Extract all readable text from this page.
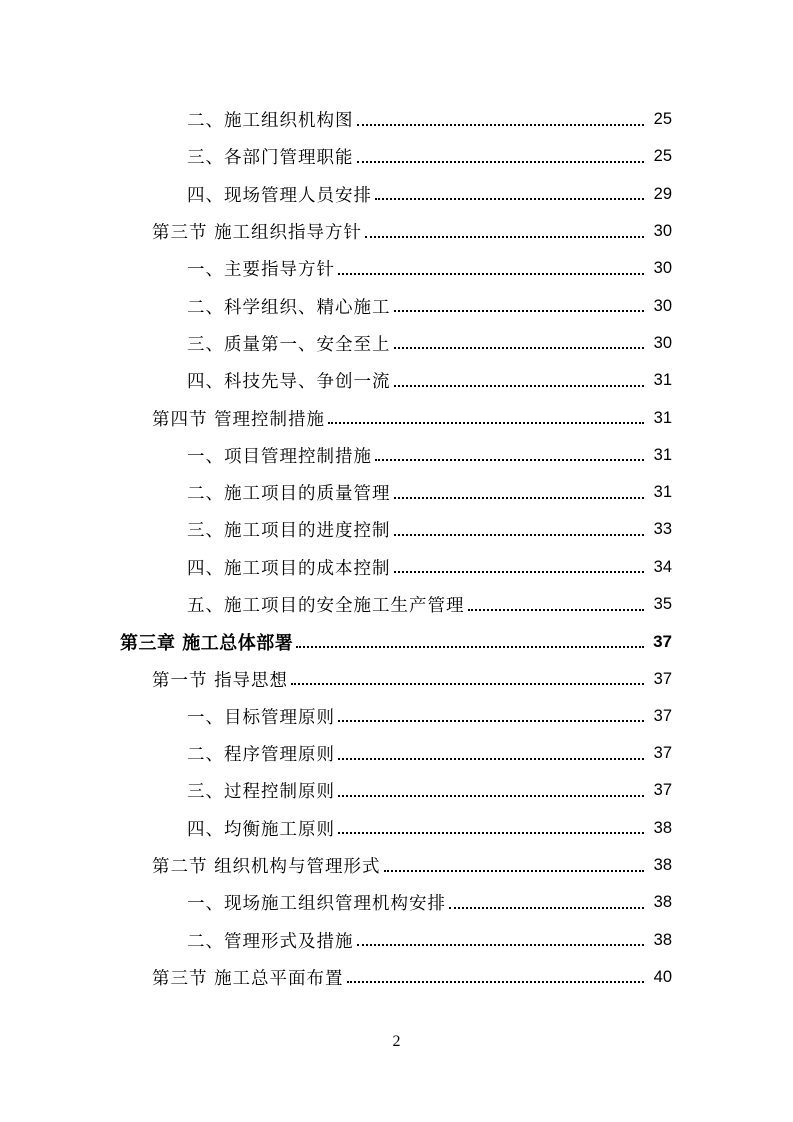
二、施工组织机构图	25
三、各部门管理职能	25
四、现场管理人员安排	29
第三节 施工组织指导方针	30
一、主要指导方针	30
二、科学组织、精心施工	30
三、质量第一、安全至上	30
四、科技先导、争创一流	31
第四节 管理控制措施	31
一、项目管理控制措施	31
二、施工项目的质量管理	31
三、施工项目的进度控制	33
四、施工项目的成本控制	34
五、施工项目的安全施工生产管理	35
第三章 施工总体部署	37
第一节 指导思想	37
一、目标管理原则	37
二、程序管理原则	37
三、过程控制原则	37
四、均衡施工原则	38
第二节 组织机构与管理形式	38
一、现场施工组织管理机构安排	38
二、管理形式及措施	38
第三节 施工总平面布置	40
2
